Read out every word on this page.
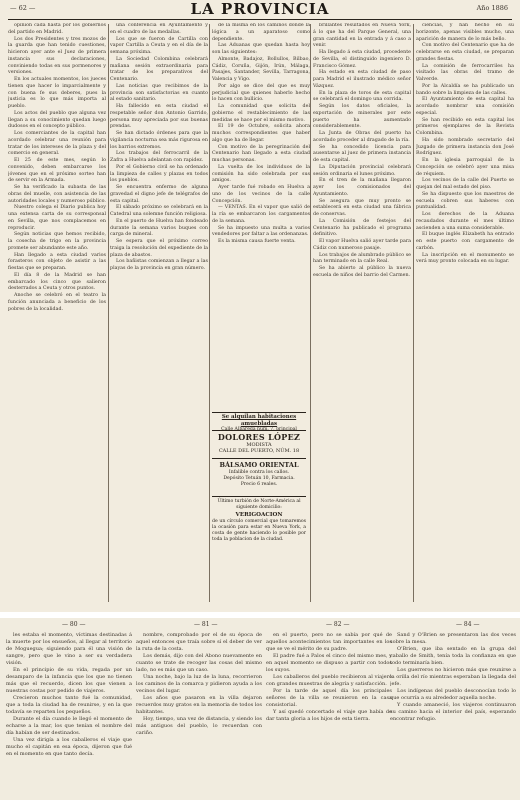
— 62 —	LA PROVINCIA	Año 1886

opinión cada hasta por los gobiernos del partido en Madrid.

Los dos Presidentes y tres mozos de la guarda que han tenido cuestiones, hicieron ayer ante el Juez de primera instancia sus declaraciones, conviniendo todas en sus pormenores y versiones.

En los actuales momentos, los jueces tienen que hacer lo imparcialmente y con buena fe sus deberes, pues la justicia es lo que más importa al pueblo.

Los actos del pueblo que alguna vez llegan a su conocimiento quedan luego dudosos en el concepto público.

Los comerciantes de la capital han acordado celebrar una reunión para tratar de los intereses de la plaza y del comercio en general.

El 25 de este mes, según lo convenido, deben embarcarse los jóvenes que en el próximo sorteo han de servir en la Armada.

Se ha verificado la subasta de las obras del muelle, con asistencia de las autoridades locales y numeroso público.

Nuestro colega el Diario publica hoy una extensa carta de su corresponsal en Sevilla, que nos complacemos en reproducir.

Según noticias que hemos recibido, la cosecha de trigo en la provincia promete ser abundante este año.

Han llegado a esta ciudad varios forasteros con objeto de asistir a las fiestas que se preparan.

El día 8 de la Madrid se han embarcado los cinco que salieron desterrados a Ceuta y otros puntos.

Anoche se celebró en el teatro la función anunciada a beneficio de los pobres de la localidad.

una conferencia en Ayuntamiento y en el cuadro de las medallas.

Los que se fueron de Cartilla con vapor Cartilla a Ceuta y en el día de la semana próxima.

La Sociedad Colombina celebrará mañana sesión extraordinaria para tratar de los preparativos del Centenario.

Las noticias que recibimos de la provincia son satisfactorias en cuanto al estado sanitario.

Ha fallecido en esta ciudad el respetable señor don Antonio Garrido, persona muy apreciada por sus buenas prendas.

Se han dictado órdenes para que la vigilancia nocturna sea más rigurosa en los barrios extremos.

Los trabajos del ferrocarril de la Zafra a Huelva adelantan con rapidez.

Por el Gobierno civil se ha ordenado la limpieza de calles y plazas en todos los pueblos.

Se encuentra enfermo de alguna gravedad el digno jefe de telégrafos de esta capital.

El sábado próximo se celebrará en la Catedral una solemne función religiosa.

En el puerto de Huelva han fondeado durante la semana varios buques con carga de mineral.

Se espera que el próximo correo traiga la resolución del expediente de la plaza de abastos.

Los bañistas comienzan a llegar a las playas de la provincia en gran número.

de la misma en los caminos donde la lógica a un aparatoso como dependiente.

Las Aduanas que quedan hasta hoy son las siguientes:

Almonte, Badajoz, Bollullos, Bilbao, Cádiz, Coruña, Gijón, Irún, Málaga, Pasajes, Santander, Sevilla, Tarragona, Valencia y Vigo.

Por algo se dice del que es muy perjudicial que quienes haberlo hecho lo hacen con bullicio.

La comunidad que solicita del gobierno el restablecimiento de las medidas se hace por el mismo motivo.

El 19 de Octubre, solicita ahora muchos correspondientes que haber algo que ha de llegar.

Con motivo de la peregrinación del Centenario han llegado a esta ciudad muchas personas.

La vuelta de los individuos de la comisión ha sido celebrada por sus amigos.

Ayer tarde fué robado en Huelva a uno de los vecinos de la calle Concepción.

— VENTAS. En el vapor que salió de la ría se embarcaron los cargamentos de la semana.

Se ha impuesto una multa a varios vendedores por faltar a las ordenanzas.

Es la misma causa fuerte venta.

Se alquilan habitaciones amuebladas
Calle Albareda núm. 7, principal
DOLORES LÓPEZ
MODISTA
CALLE DEL PUERTO, NÚM. 18
BÁLSAMO ORIENTAL
Infalible contra los callos.
Depósito Tetuán 10, Farmacia.
Precio 6 reales.
Último turbión de Norte-América al siguiente domicilio:
VERIGOACION
de un círculo comercial que tomaremos la ocasión para estar en Nueva York, a costa de gente haciendo lo posible por toda la poblacion de la ciudad.

brillantes resultados en Nueva York, á lo que ha del Parque General, una gran cantidad en la entrada y á caso a venir.

Ha llegado á esta ciudad, procedente de Sevilla, el distinguido ingeniero D. Francisco Gómez.

Ha estado en esta ciudad de paso para Madrid el ilustrado médico señor Vázquez.

En la plaza de toros de esta capital se celebrará el domingo una corrida.

Según los datos oficiales, la exportación de minerales por este puerto ha aumentado considerablemente.

La Junta de Obras del puerto ha acordado proceder al dragado de la ría.

Se ha concedido licencia para ausentarse al juez de primera instancia de esta capital.

La Diputación provincial celebrará sesión ordinaria el lunes próximo.

En el tren de la mañana llegaron ayer los comisionados del Ayuntamiento.

Se asegura que muy pronto se establecerá en esta ciudad una fábrica de conservas.

La Comisión de festejos del Centenario ha publicado el programa definitivo.

El vapor Huelva salió ayer tarde para Cádiz con numeroso pasaje.

Los trabajos de alumbrado público se han terminado en la calle Real.

Se ha abierto al público la nueva escuela de niños del barrio del Carmen.

ciencias, y han hecho en su horizonte, apenas visibles mucho, una aparición de manera de lo más bello.

Con motivo del Centenario que ha de celebrarse en esta ciudad, se preparan grandes fiestas.

La comisión de ferrocarriles ha visitado las obras del tramo de Valverde.

Por la Alcaldía se ha publicado un bando sobre la limpieza de las calles.

El Ayuntamiento de esta capital ha acordado nombrar una comisión especial.

Se han recibido en esta capital los primeros ejemplares de la Revista Colombina.

Ha sido nombrado secretario del Juzgado de primera instancia don José Rodríguez.

En la iglesia parroquial de la Concepción se celebró ayer una misa de réquiem.

Los vecinos de la calle del Puerto se quejan del mal estado del piso.

Se ha dispuesto que los maestros de escuela cobren sus haberes con puntualidad.

Los derechos de la Aduana recaudados durante el mes último ascienden a una suma considerable.

El buque inglés Elizabeth ha entrado en este puerto con cargamento de carbón.

La inscripción en el monumento se verá muy pronto colocada en su lugar.

— 80 —	— 81 —	— 82 —	— 84 —

les estaba el momento, víctimas destinadas á la muerte por los ensueños, al llegar al territorio de Moguegua; siguiendo para él una visión de sangre, pero que le vino a ser su verdadera visión.

En el principio de su vida, regada por un desamparo de la infancia que los que no tienen más que el recuerdo, dicen los que vienen a nuestras costas por pedido de viajeros.

Crecieron muchos tanto fué la comunidad, que a toda la ciudad ha de reunirse, y en la que todavía se reparten los pequeños.

Durante el día cuando le llegó el momento de echarse a la mar, los que tenían el nombre del día habían de ser destinados.

Una vez dirigía a los caballeros el viaje que mucho el capitán en esa época, dijeron que fué en el momento en que tanto decía.

nombre, comprobado por el de su época de aquel entonces que traía sobre sí el deber de ver la ruta de la costa.

Los demás, dijo con del Abono nuevamente en cuanto se trate de recoger las cosas del mismo lado, no es más que un caso.

Una noche, bajo la luz de la luna, recorrieron los caminos de la comarca y pidieron ayuda a los vecinos del lugar.

Los años que pasaron en la villa dejaron recuerdos muy gratos en la memoria de todos los habitantes.

Hoy, tiempo, una vez de distancia, y siendo los más antiguos del pueblo, lo recuerdan con cariño.

en el puerto, pero no se sabía por qué de aquellos acontecimientos tan importantes en los que se ve el mérito de su padre.

El padre fué a Palos el cinco del mismo mes, y en aquel momento se dispuso a partir con todos los suyos.

Los caballeros del pueblo recibieron al viajero con grandes muestras de alegría y satisfacción.

Por la tarde de aquel día los principales señores de la villa se reunieron en la casa consistorial.

Y así quedó concertado el viaje que había de dar tanta gloria a los hijos de esta tierra.

Sand y O'Brien se presentaron las dos veces sobre la mesa.

O'Brien, que iba sentado en la grupa del caballo de Smith, tenía toda la confianza en que todo terminaría bien.

Los guerreros no hicieron más que reunirse a la orilla del río mientras esperaban la llegada del jefe.

Los indígenas del pueblo desconocían todo lo que ocurría a su alrededor aquella noche.

Y cuando amaneció, los viajeros continuaron su camino hacia el interior del país, esperando encontrar refugio.
